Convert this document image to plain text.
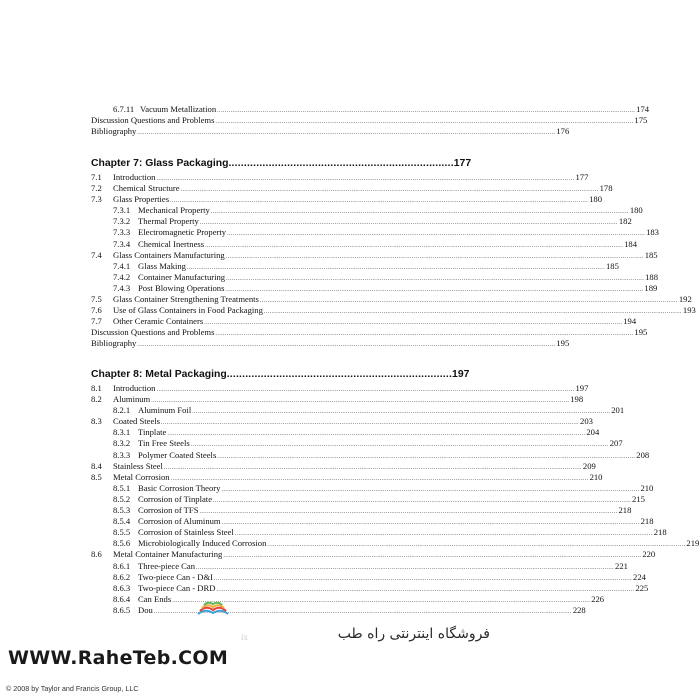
6.7.11 Vacuum Metallization ............................................................................................................................................................................................................................ 174
Discussion Questions and Problems ............................................................................................................................................................................................................................ 175
Bibliography ............................................................................................................................................................................................................................ 176
Chapter 7: Glass Packaging ......................................................................... 177
7.1 Introduction ............................................................................................................................................................................................................................ 177
7.2 Chemical Structure ............................................................................................................................................................................................................................ 178
7.3 Glass Properties ............................................................................................................................................................................................................................ 180
7.3.1 Mechanical Property ............................................................................................................................................................................................................................ 180
7.3.2 Thermal Property ............................................................................................................................................................................................................................ 182
7.3.3 Electromagnetic Property ............................................................................................................................................................................................................................ 183
7.3.4 Chemical Inertness ............................................................................................................................................................................................................................ 184
7.4 Glass Containers Manufacturing ............................................................................................................................................................................................................................ 185
7.4.1 Glass Making ............................................................................................................................................................................................................................ 185
7.4.2 Container Manufacturing ............................................................................................................................................................................................................................ 188
7.4.3 Post Blowing Operations ............................................................................................................................................................................................................................ 189
7.5 Glass Container Strengthening Treatments ............................................................................................................................................................................................................................ 192
7.6 Use of Glass Containers in Food Packaging ............................................................................................................................................................................................................................ 193
7.7 Other Ceramic Containers ............................................................................................................................................................................................................................ 194
Discussion Questions and Problems ............................................................................................................................................................................................................................ 195
Bibliography ............................................................................................................................................................................................................................ 195
Chapter 8: Metal Packaging ......................................................................... 197
8.1 Introduction ............................................................................................................................................................................................................................ 197
8.2 Aluminum ............................................................................................................................................................................................................................ 198
8.2.1 Aluminum Foil ............................................................................................................................................................................................................................ 201
8.3 Coated Steels ............................................................................................................................................................................................................................ 203
8.3.1 Tinplate ............................................................................................................................................................................................................................ 204
8.3.2 Tin Free Steels ............................................................................................................................................................................................................................ 207
8.3.3 Polymer Coated Steels ............................................................................................................................................................................................................................ 208
8.4 Stainless Steel ............................................................................................................................................................................................................................ 209
8.5 Metal Corrosion ............................................................................................................................................................................................................................ 210
8.5.1 Basic Corrosion Theory ............................................................................................................................................................................................................................ 210
8.5.2 Corrosion of Tinplate ............................................................................................................................................................................................................................ 215
8.5.3 Corrosion of TFS ............................................................................................................................................................................................................................ 218
8.5.4 Corrosion of Aluminum ............................................................................................................................................................................................................................ 218
8.5.5 Corrosion of Stainless Steel ............................................................................................................................................................................................................................ 218
8.5.6 Microbiologically Induced Corrosion ............................................................................................................................................................................................................................ 219
8.6 Metal Container Manufacturing ............................................................................................................................................................................................................................ 220
8.6.1 Three-piece Can ............................................................................................................................................................................................................................ 221
8.6.2 Two-piece Can - D&I ............................................................................................................................................................................................................................ 224
8.6.3 Two-piece Can - DRD ............................................................................................................................................................................................................................ 225
8.6.4 Can Ends ............................................................................................................................................................................................................................ 226
8.6.5 Dou ............................................................................................................................................................................................................................ 228
فروشگاه اینترنتی راه طب
WWW.RaheTeb.COM
© 2008 by Taylor and Francis Group, LLC
